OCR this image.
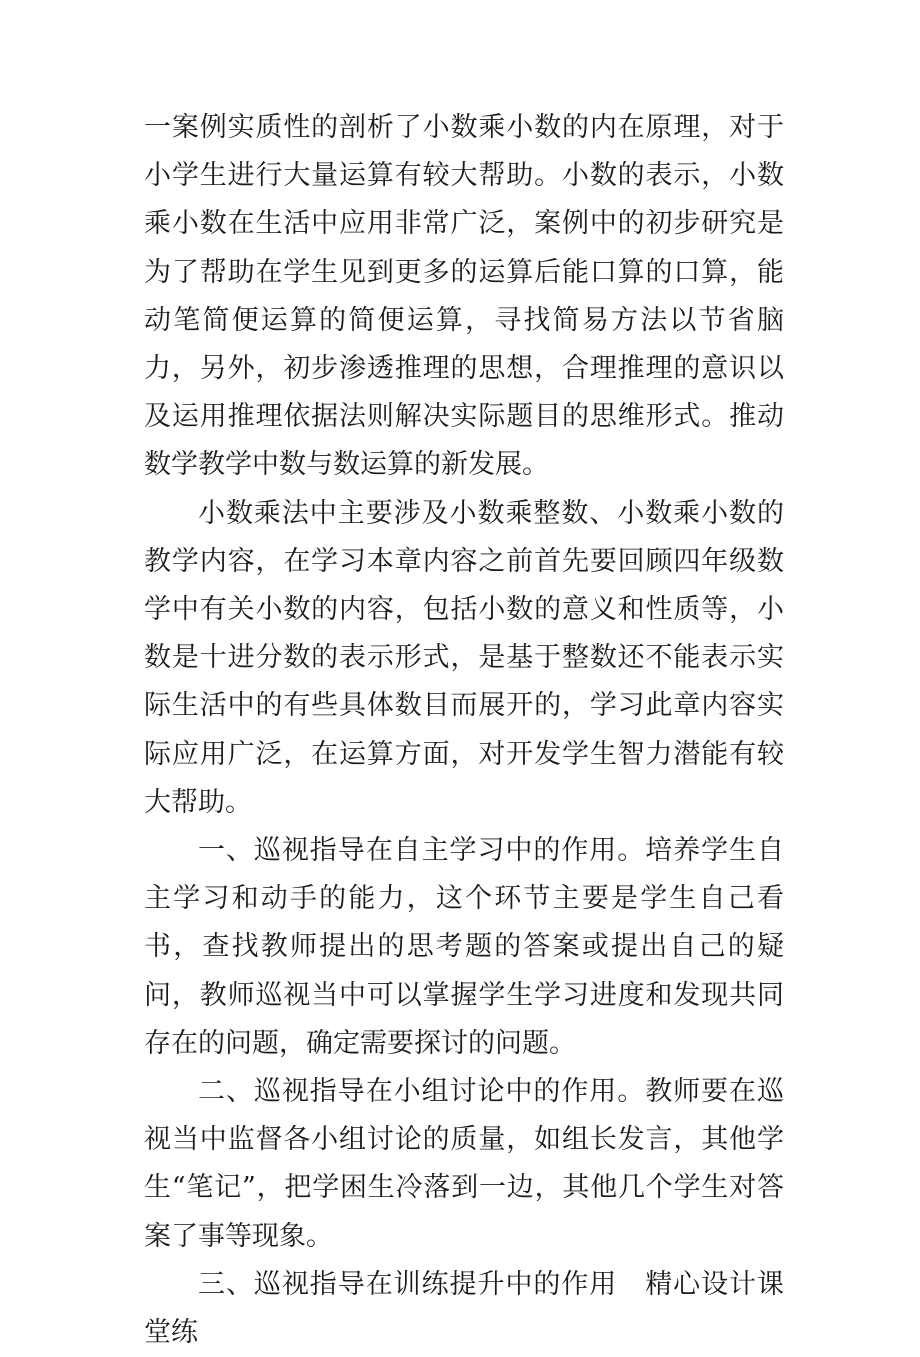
一案例实质性的剖析了小数乘小数的内在原理，对于小学生进行大量运算有较大帮助。小数的表示，小数乘小数在生活中应用非常广泛，案例中的初步研究是为了帮助在学生见到更多的运算后能口算的口算，能动笔简便运算的简便运算，寻找简易方法以节省脑力，另外，初步渗透推理的思想，合理推理的意识以及运用推理依据法则解决实际题目的思维形式。推动数学教学中数与数运算的新发展。

小数乘法中主要涉及小数乘整数、小数乘小数的教学内容，在学习本章内容之前首先要回顾四年级数学中有关小数的内容，包括小数的意义和性质等，小数是十进分数的表示形式，是基于整数还不能表示实际生活中的有些具体数目而展开的，学习此章内容实际应用广泛，在运算方面，对开发学生智力潜能有较大帮助。

一、巡视指导在自主学习中的作用。培养学生自主学习和动手的能力，这个环节主要是学生自己看书，查找教师提出的思考题的答案或提出自己的疑问，教师巡视当中可以掌握学生学习进度和发现共同存在的问题，确定需要探讨的问题。

二、巡视指导在小组讨论中的作用。教师要在巡视当中监督各小组讨论的质量，如组长发言，其他学生“笔记”，把学困生冷落到一边，其他几个学生对答案了事等现象。

三、巡视指导在训练提升中的作用　精心设计课堂练
